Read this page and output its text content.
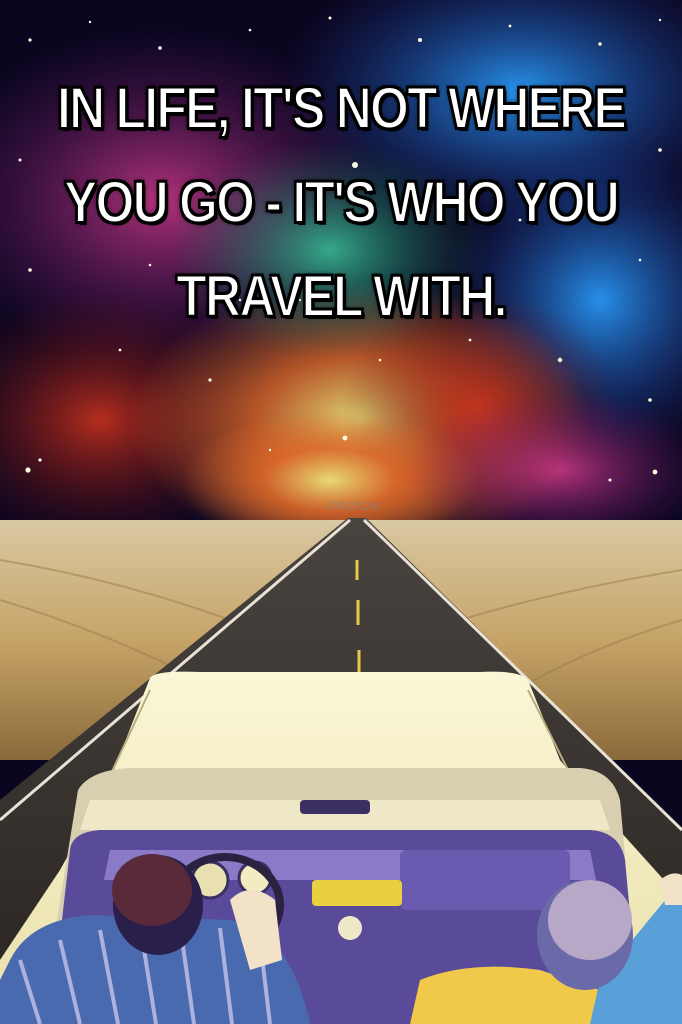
IN LIFE, IT'S NOT WHERE
YOU GO - IT'S WHO YOU
TRAVEL WITH.

ORIZION
